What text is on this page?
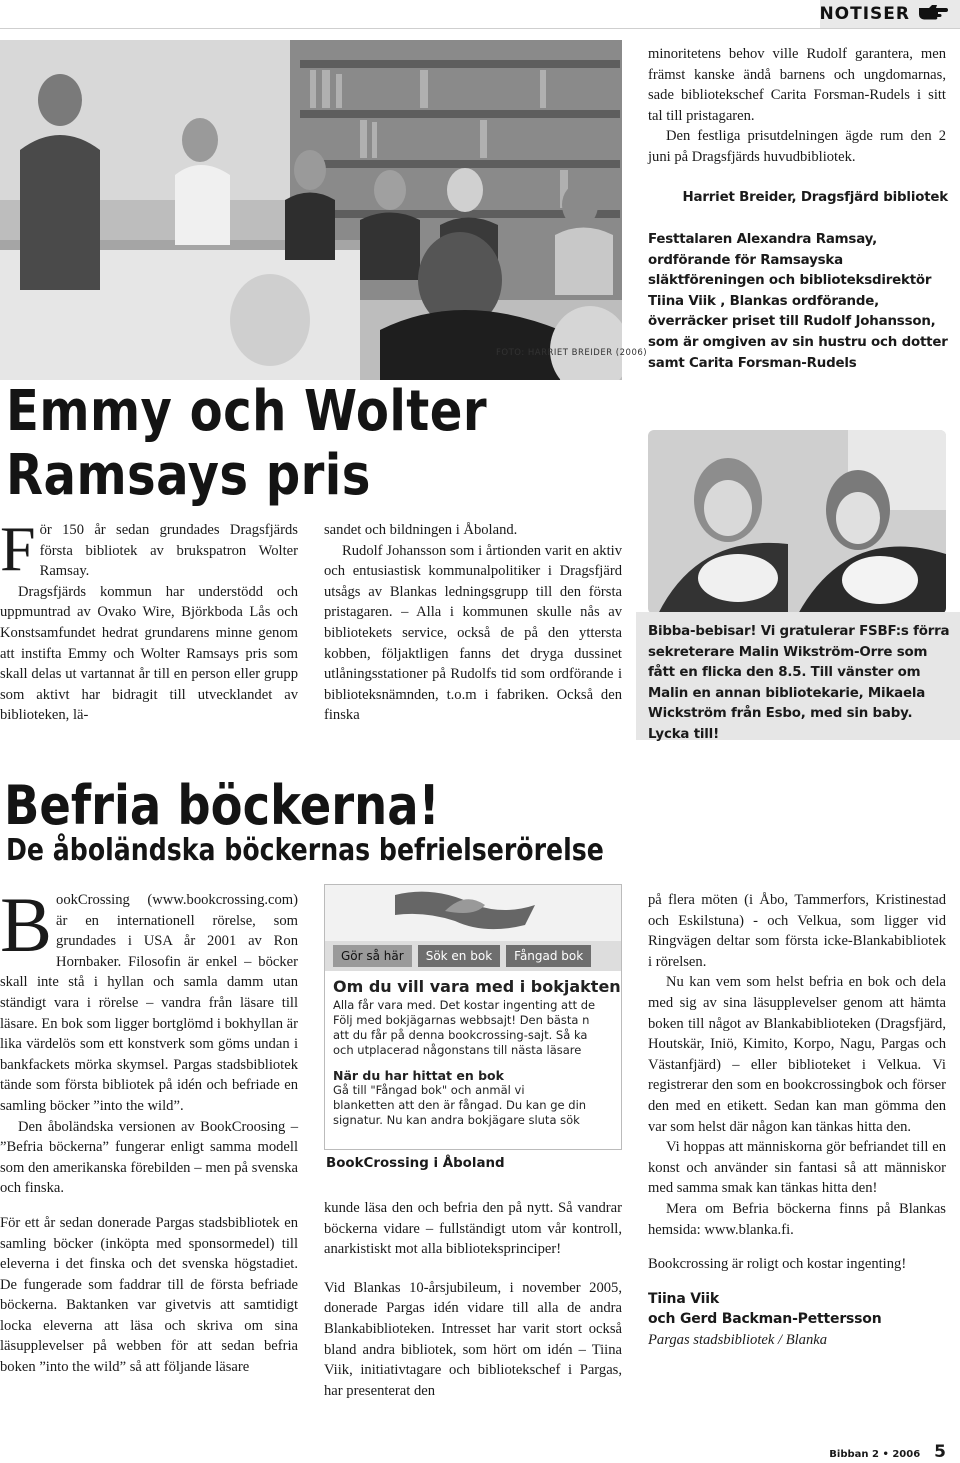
NOTISER
FOTO: HARRIET BREIDER (2006)

minoritetens behov ville Rudolf garantera, men främst kanske ändå barnens och ungdomarnas, sade bibliotekschef Carita Forsman-Rudels i sitt tal till pristagaren.

Den festliga prisutdelningen ägde rum den 2 juni på Dragsfjärds huvudbibliotek.

Harriet Breider, Dragsfjärd bibliotek
Festtalaren Alexandra Ramsay, ordförande för Ramsayska släktföreningen och biblioteksdirektör Tiina Viik , Blankas ordförande, överräcker priset till Rudolf Johansson, som är omgiven av sin hustru och dotter samt Carita Forsman-Rudels
Emmy och Wolter
Ramsays pris
Bibba-bebisar! Vi gratulerar FSBF:s förra sekreterare Malin Wikström-Orre som fått en flicka den 8.5. Till vänster om Malin en annan bibliotekarie, Mikaela Wickström från Esbo, med sin baby. Lycka till!

För 150 år sedan grundades Dragsfjärds första bibliotek av brukspatron Wolter Ramsay.

Dragsfjärds kommun har understödd och uppmuntrad av Ovako Wire, Björkboda Lås och Konstsamfundet hedrat grundarens minne genom att instifta Emmy och Wolter Ramsays pris som skall delas ut vartannat år till en person eller grupp som aktivt har bidragit till utvecklandet av biblioteken, lä-

sandet och bildningen i Åboland.

Rudolf Johansson som i årtionden varit en aktiv och entusiastisk kommunalpolitiker i Dragsfjärd utsågs av Blankas ledningsgrupp till den första pristagaren. – Alla i kommunen skulle nås av bibliotekets service, också de på den yttersta kobben, följaktligen fanns det dryga dussinet utlåningsstationer på Rudolfs tid som ordförande i biblioteksnämnden, t.o.m i fabriken. Också den finska

Befria böckerna!
De åboländska böckernas befrielserörelse

BookCrossing (www.bookcrossing.com) är en internationell rörelse, som grundades i USA år 2001 av Ron Hornbaker. Filosofin är enkel – böcker skall inte stå i hyllan och samla damm utan ständigt vara i rörelse – vandra från läsare till läsare. En bok som ligger bortglömd i bokhyllan är lika värdelös som ett konstverk som göms undan i bankfackets mörka skymsel. Pargas stadsbibliotek tände som första bibliotek på idén och befriade en samling böcker ”into the wild”.

Den åboländska versionen av BookCroosing – ”Befria böckerna” fungerar enligt samma modell som den amerikanska förebilden – men på svenska och finska.

För ett år sedan donerade Pargas stadsbibliotek en samling böcker (inköpta med sponsormedel) till eleverna i det finska och det svenska högstadiet. De fungerade som faddrar till de första befriade böckerna. Baktanken var givetvis att samtidigt locka eleverna att läsa och skriva om sina läsupplevelser på webben för att sedan befria boken ”into the wild” så att följande läsare

Gör så här	Sök en bok	Fångad bok
Om du vill vara med i bokjakten
Alla får vara med. Det kostar ingenting att de
Följ med bokjägarnas webbsajt! Den bästa n
att du får på denna bookcrossing-sajt. Så ka
och utplacerad någonstans till nästa läsare
När du har hittat en bok
Gå till "Fångad bok" och anmäl vi
blanketten att den är fångad. Du kan ge din
signatur. Nu kan andra bokjägare sluta sök
BookCrossing i Åboland

kunde läsa den och befria den på nytt. Så vandrar böckerna vidare – fullständigt utom vår kontroll, anarkistiskt mot alla biblioteksprinciper!

Vid Blankas 10-årsjubileum, i november 2005, donerade Pargas idén vidare till alla de andra Blankabiblioteken. Intresset har varit stort också bland andra bibliotek, som hört om idén – Tiina Viik, initiativtagare och bibliotekschef i Pargas, har presenterat den

på flera möten (i Åbo, Tammerfors, Kristinestad och Eskilstuna) - och Velkua, som ligger vid Ringvägen deltar som första icke-Blankabibliotek i rörelsen.

Nu kan vem som helst befria en bok och dela med sig av sina läsupplevelser genom att hämta boken till något av Blankabiblioteken (Dragsfjärd, Houtskär, Iniö, Kimito, Korpo, Nagu, Pargas och Västanfjärd) – eller biblioteket i Velkua. Vi registrerar den som en bookcrossingbok och förser den med en etikett. Sedan kan man gömma den var som helst där någon kan tänkas hitta den.

Vi hoppas att människorna gör befriandet till en konst och använder sin fantasi så att människor med samma smak kan tänkas hitta den!

Mera om Befria böckerna finns på Blankas hemsida: www.blanka.fi.

Bookcrossing är roligt och kostar ingenting!

Tiina Viik

och Gerd Backman-Pettersson

Pargas stadsbibliotek / Blanka

Bibban 2 • 2006 5
